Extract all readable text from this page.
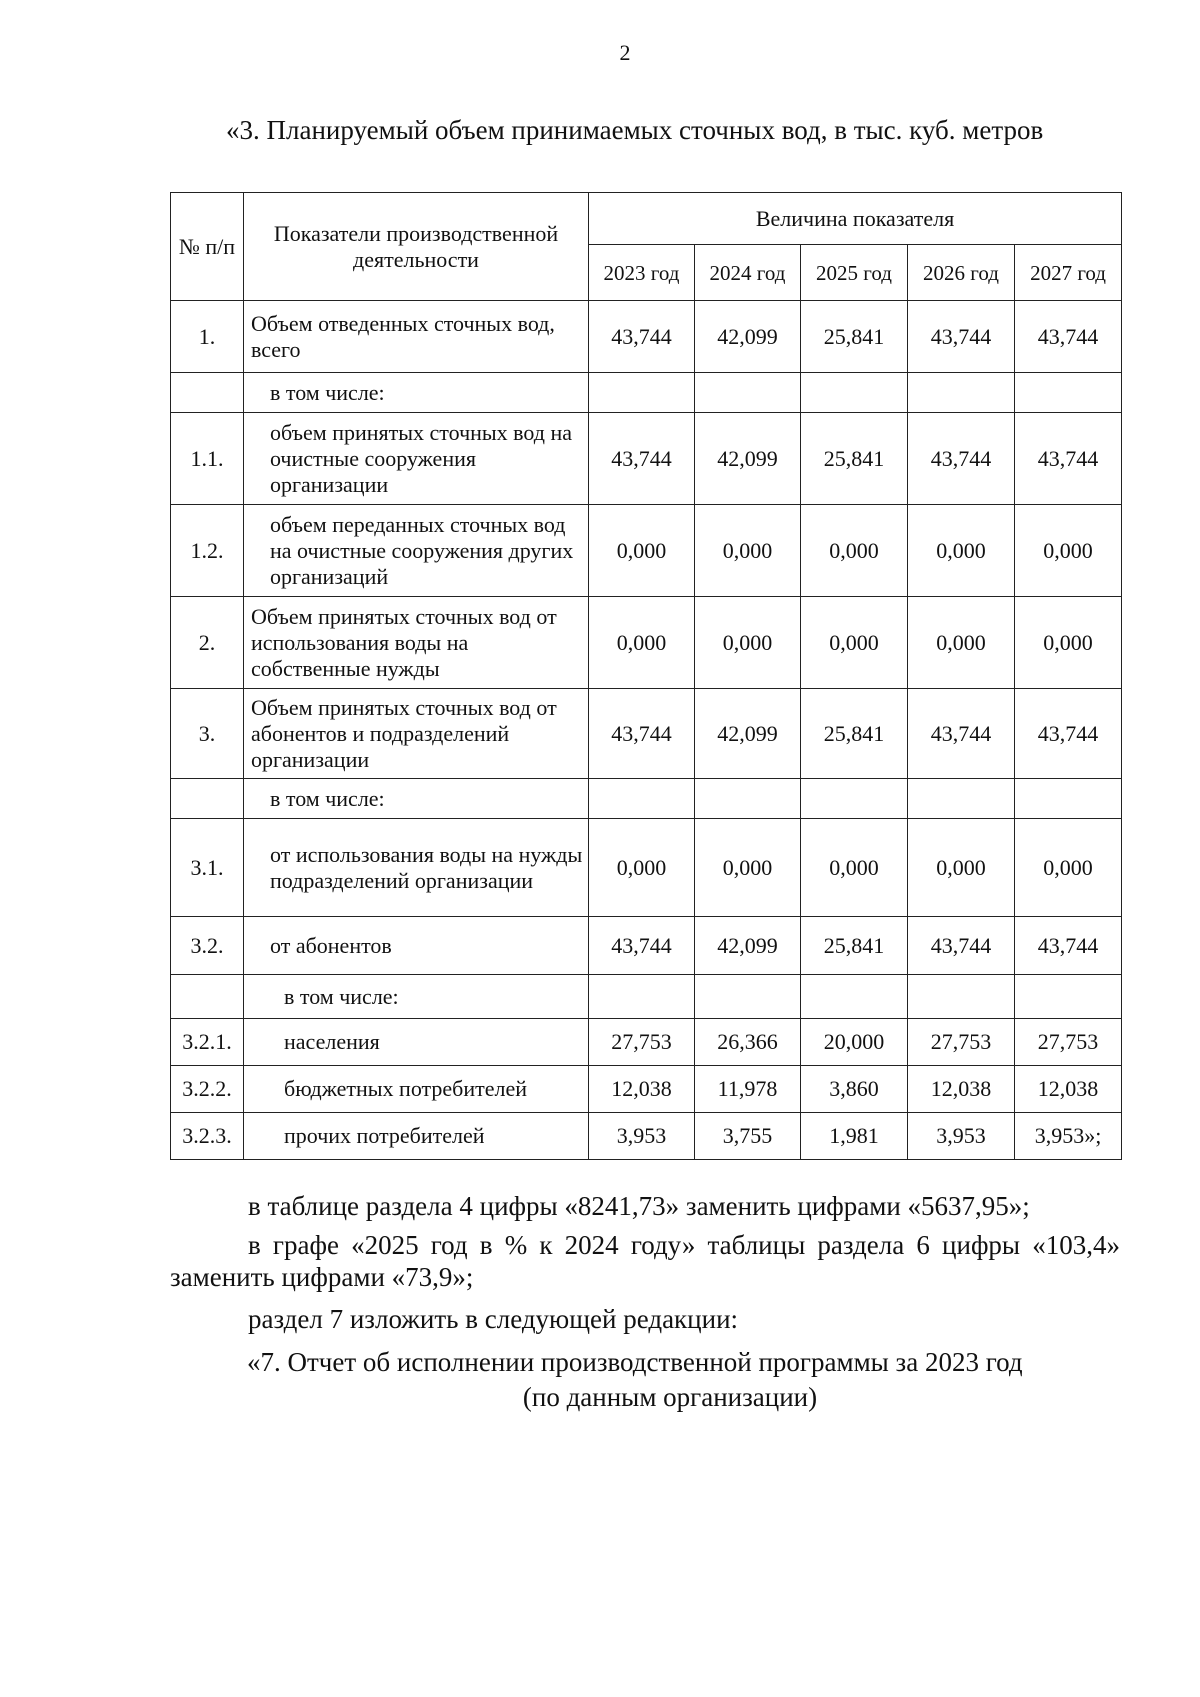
2
«3. Планируемый объем принимаемых сточных вод, в тыс. куб. метров
№ п/п	Показатели производственной деятельности	Величина показателя				
		2023 год	2024 год	2025 год	2026 год	2027 год
1.	Объем отведенных сточных вод, всего	43,744	42,099	25,841	43,744	43,744
	в том числе:					
1.1.	объем принятых сточных вод на очистные сооружения организации	43,744	42,099	25,841	43,744	43,744
1.2.	объем переданных сточных вод на очистные сооружения других организаций	0,000	0,000	0,000	0,000	0,000
2.	Объем принятых сточных вод от использования воды на собственные нужды	0,000	0,000	0,000	0,000	0,000
3.	Объем принятых сточных вод от абонентов и подразделений организации	43,744	42,099	25,841	43,744	43,744
	в том числе:					
3.1.	от использования воды на нужды подразделений организации	0,000	0,000	0,000	0,000	0,000
3.2.	от абонентов	43,744	42,099	25,841	43,744	43,744
	в том числе:					
3.2.1.	населения	27,753	26,366	20,000	27,753	27,753
3.2.2.	бюджетных потребителей	12,038	11,978	3,860	12,038	12,038
3.2.3.	прочих потребителей	3,953	3,755	1,981	3,953	3,953»;
в таблице раздела 4 цифры «8241,73» заменить цифрами «5637,95»;
в графе «2025 год в % к 2024 году» таблицы раздела 6 цифры «103,4» заменить цифрами «73,9»;
раздел 7 изложить в следующей редакции:
«7. Отчет об исполнении производственной программы за 2023 год
(по данным организации)
